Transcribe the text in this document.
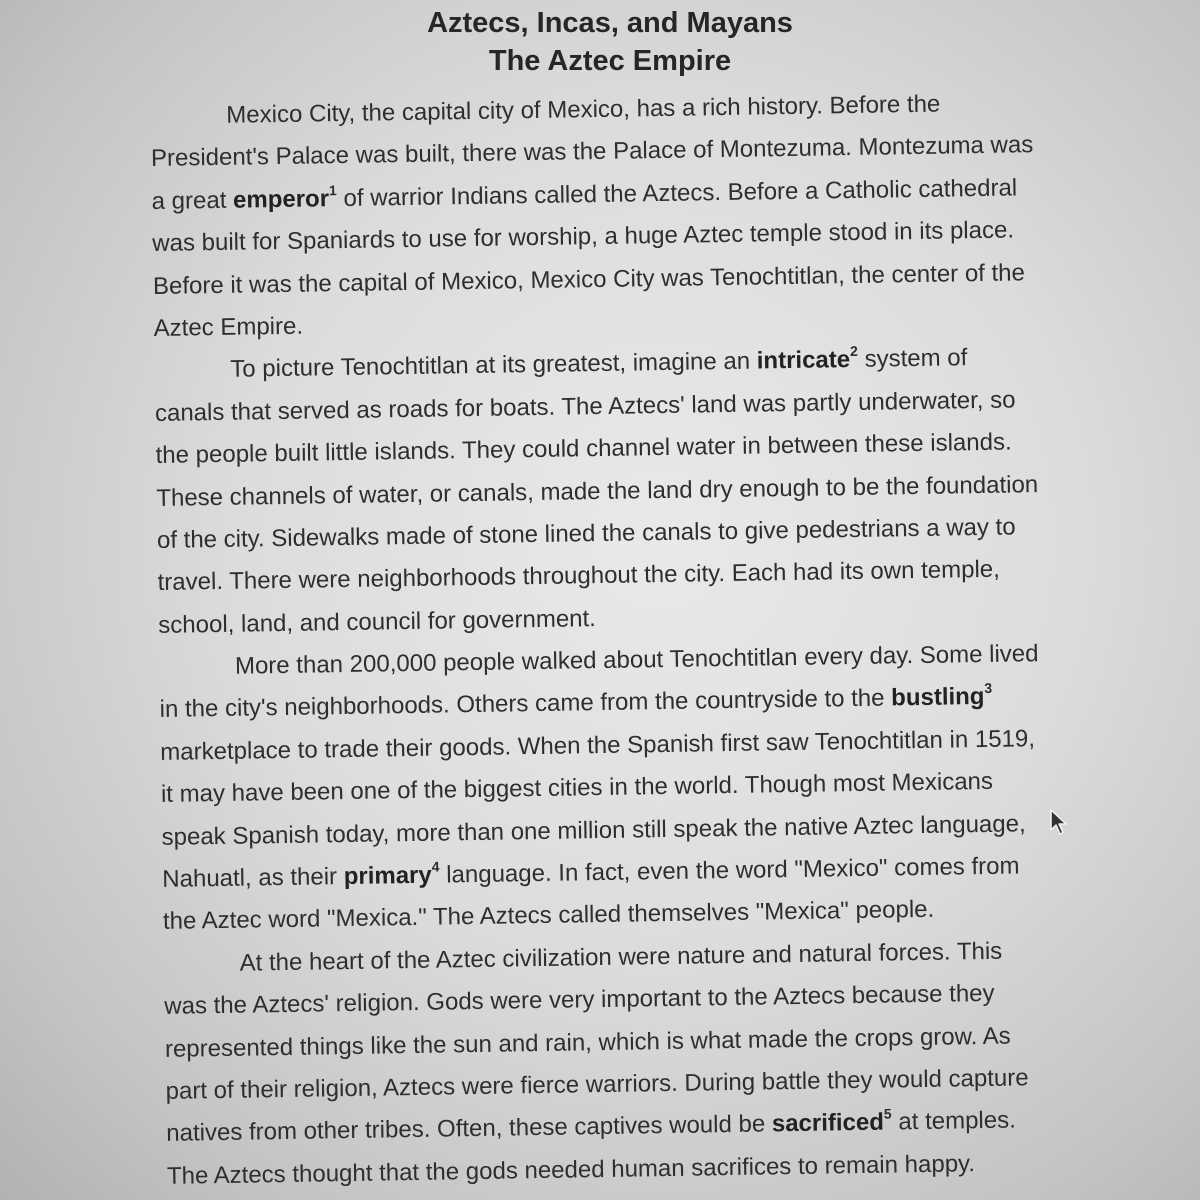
Aztecs, Incas, and Mayans
The Aztec Empire
Mexico City, the capital city of Mexico, has a rich history. Before the
President's Palace was built, there was the Palace of Montezuma. Montezuma was
a great emperor$^1$ of warrior Indians called the Aztecs. Before a Catholic cathedral
was built for Spaniards to use for worship, a huge Aztec temple stood in its place.
Before it was the capital of Mexico, Mexico City was Tenochtitlan, the center of the
Aztec Empire.
To picture Tenochtitlan at its greatest, imagine an intricate$^2$ system of
canals that served as roads for boats. The Aztecs' land was partly underwater, so
the people built little islands. They could channel water in between these islands.
These channels of water, or canals, made the land dry enough to be the foundation
of the city. Sidewalks made of stone lined the canals to give pedestrians a way to
travel. There were neighborhoods throughout the city. Each had its own temple,
school, land, and council for government.
More than 200,000 people walked about Tenochtitlan every day. Some lived
in the city's neighborhoods. Others came from the countryside to the bustling$^3$
marketplace to trade their goods. When the Spanish first saw Tenochtitlan in 1519,
it may have been one of the biggest cities in the world. Though most Mexicans
speak Spanish today, more than one million still speak the native Aztec language,
Nahuatl, as their primary$^4$ language. In fact, even the word "Mexico" comes from
the Aztec word "Mexica." The Aztecs called themselves "Mexica" people.
At the heart of the Aztec civilization were nature and natural forces. This
was the Aztecs' religion. Gods were very important to the Aztecs because they
represented things like the sun and rain, which is what made the crops grow. As
part of their religion, Aztecs were fierce warriors. During battle they would capture
natives from other tribes. Often, these captives would be sacrificed$^5$ at temples.
The Aztecs thought that the gods needed human sacrifices to remain happy.
